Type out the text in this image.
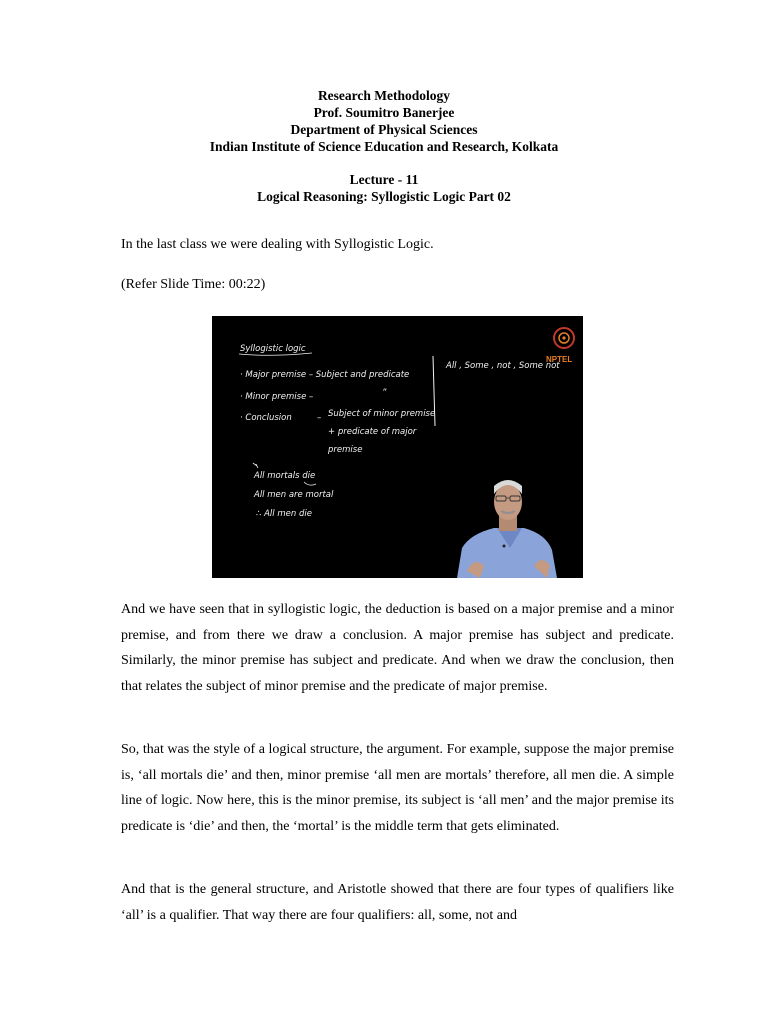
Research Methodology
Prof. Soumitro Banerjee
Department of Physical Sciences
Indian Institute of Science Education and Research, Kolkata
Lecture - 11
Logical Reasoning: Syllogistic Logic Part 02

In the last class we were dealing with Syllogistic Logic.

(Refer Slide Time: 00:22)

Syllogistic logic
· Major premise – Subject and predicate
· Minor premise –	”
· Conclusion	– Subject of minor premise
+ predicate of major
premise
All , Some , not , Some not
All mortals die
All men are mortal
∴ All men die
NPTEL

And we have seen that in syllogistic logic, the deduction is based on a major premise and a minor premise, and from there we draw a conclusion. A major premise has subject and predicate. Similarly, the minor premise has subject and predicate. And when we draw the conclusion, then that relates the subject of minor premise and the predicate of major premise.

So, that was the style of a logical structure, the argument. For example, suppose the major premise is, ‘all mortals die’ and then, minor premise ‘all men are mortals’ therefore, all men die. A simple line of logic. Now here, this is the minor premise, its subject is ‘all men’ and the major premise its predicate is ‘die’ and then, the ‘mortal’ is the middle term that gets eliminated.

And that is the general structure, and Aristotle showed that there are four types of qualifiers like ‘all’ is a qualifier. That way there are four qualifiers: all, some, not and
